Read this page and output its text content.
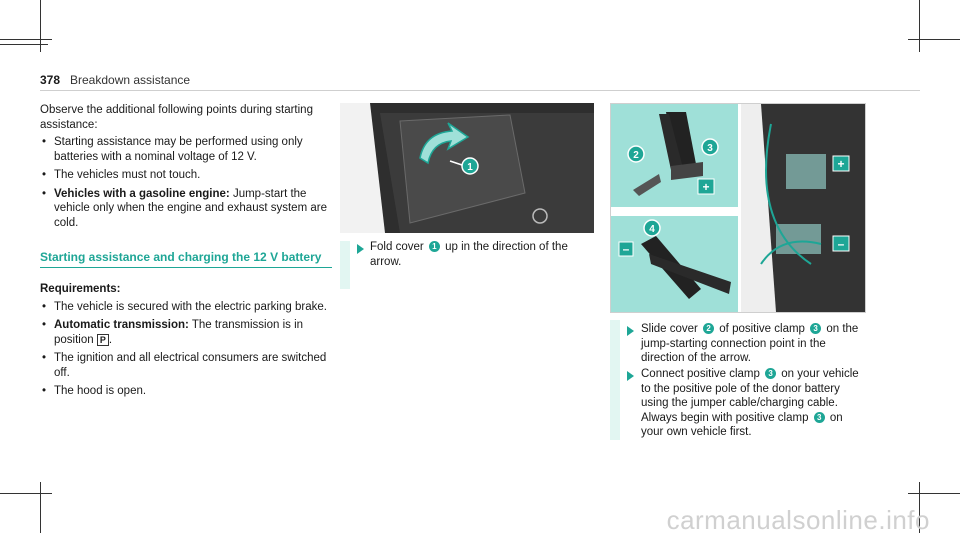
378 Breakdown assistance

Observe the additional following points during starting assistance:

• Starting assistance may be performed using only batteries with a nominal voltage of 12 V.
• The vehicles must not touch.
• Vehicles with a gasoline engine: Jump-start the vehicle only when the engine and exhaust system are cold.
Starting assistance and charging the 12 V battery
Requirements:
• The vehicle is secured with the electric parking brake.
• Automatic transmission: The transmission is in position P .
• The ignition and all electrical consumers are switched off.
• The hood is open.
1
Fold cover 1 up in the direction of the arrow.
+
2
3
–
4
+
–
Slide cover 2 of positive clamp 3 on the jump-starting connection point in the direction of the arrow.
Connect positive clamp 3 on your vehicle to the positive pole of the donor battery using the jumper cable/charging cable. Always begin with positive clamp 3 on your own vehicle first.
carmanualsonline.info
